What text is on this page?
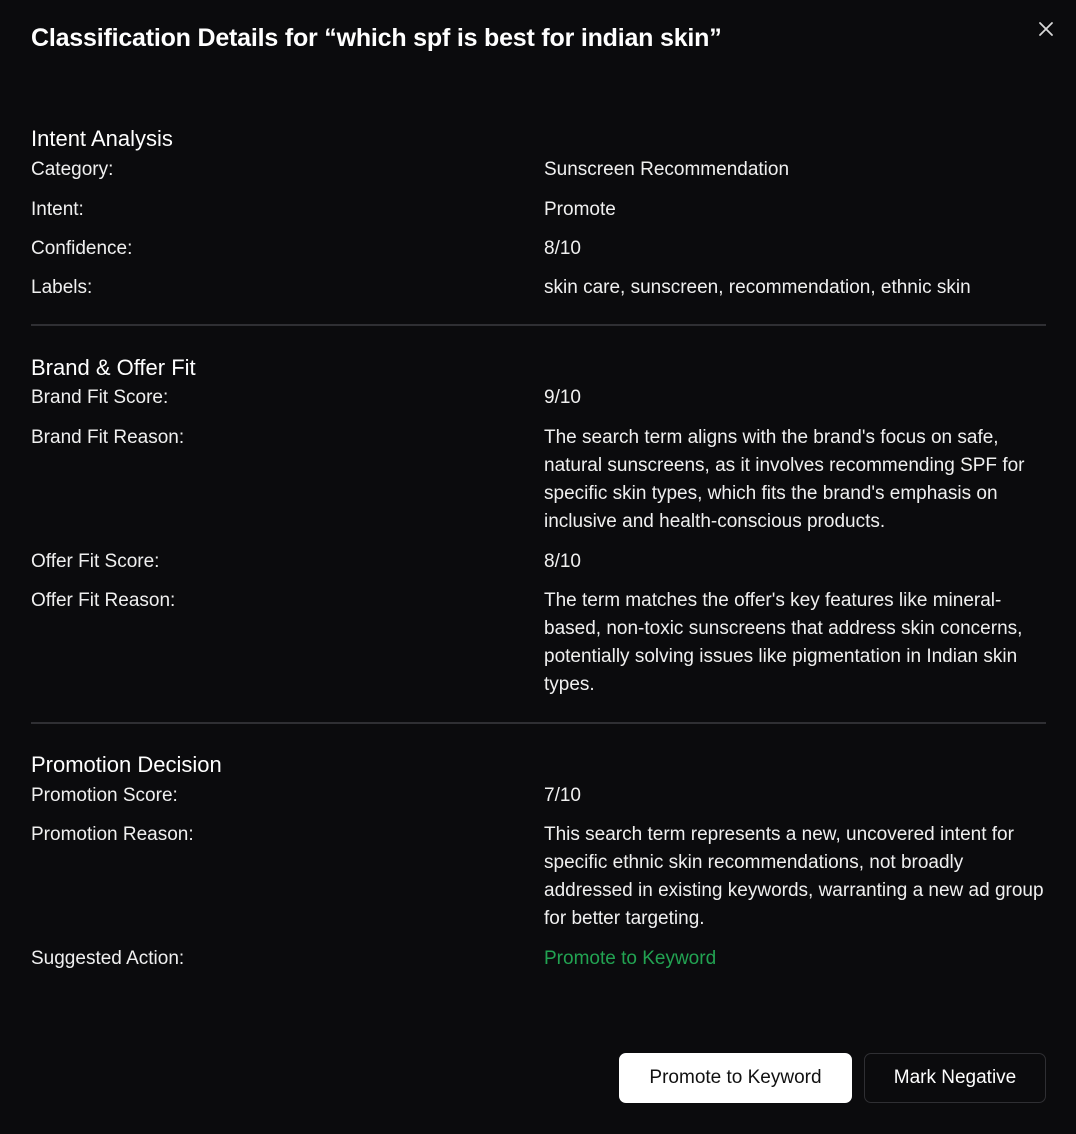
Classification Details for “which spf is best for indian skin”
Intent Analysis
Category:	Sunscreen Recommendation
Intent:	Promote
Confidence:	8/10
Labels:	skin care, sunscreen, recommendation, ethnic skin
Brand & Offer Fit
Brand Fit Score:	9/10
Brand Fit Reason:	The search term aligns with the brand's focus on safe, natural sunscreens, as it involves recommending SPF for specific skin types, which fits the brand's emphasis on inclusive and health-conscious products.
Offer Fit Score:	8/10
Offer Fit Reason:	The term matches the offer's key features like mineral-based, non-toxic sunscreens that address skin concerns, potentially solving issues like pigmentation in Indian skin types.
Promotion Decision
Promotion Score:	7/10
Promotion Reason:	This search term represents a new, uncovered intent for specific ethnic skin recommendations, not broadly addressed in existing keywords, warranting a new ad group for better targeting.
Suggested Action:	Promote to Keyword
Promote to Keyword	Mark Negative
